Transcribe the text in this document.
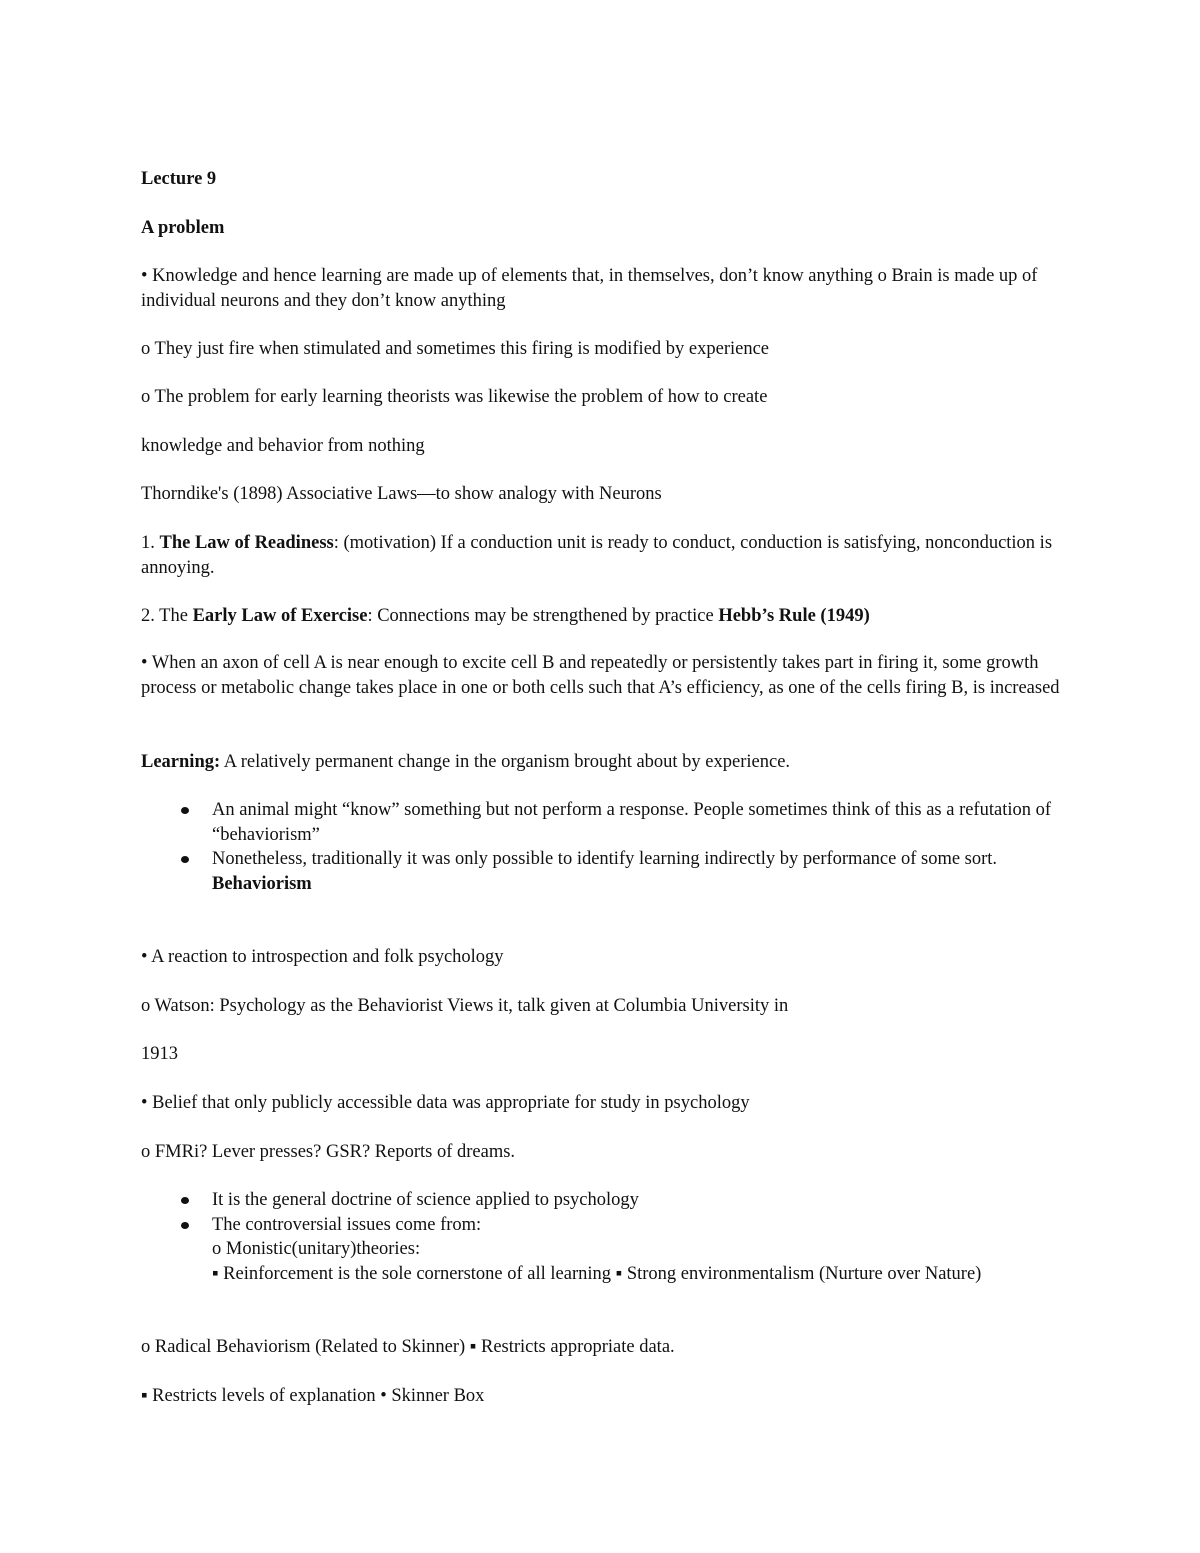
Lecture 9

A problem

• Knowledge and hence learning are made up of elements that, in themselves, don’t know anything o Brain is made up of individual neurons and they don’t know anything

o They just fire when stimulated and sometimes this firing is modified by experience

o The problem for early learning theorists was likewise the problem of how to create

knowledge and behavior from nothing

Thorndike's (1898) Associative Laws—to show analogy with Neurons

1. The Law of Readiness: (motivation) If a conduction unit is ready to conduct, conduction is satisfying, nonconduction is annoying.

2. The Early Law of Exercise: Connections may be strengthened by practice Hebb’s Rule (1949)

• When an axon of cell A is near enough to excite cell B and repeatedly or persistently takes part in firing it, some growth process or metabolic change takes place in one or both cells such that A’s efficiency, as one of the cells firing B, is increased

Learning: A relatively permanent change in the organism brought about by experience.

An animal might “know” something but not perform a response. People sometimes think of this as a refutation of “behaviorism”
Nonetheless, traditionally it was only possible to identify learning indirectly by performance of some sort.
Behaviorism

• A reaction to introspection and folk psychology

o Watson: Psychology as the Behaviorist Views it, talk given at Columbia University in

1913

• Belief that only publicly accessible data was appropriate for study in psychology

o FMRi? Lever presses? GSR? Reports of dreams.

It is the general doctrine of science applied to psychology
The controversial issues come from:
o Monistic(unitary)theories:
▪ Reinforcement is the sole cornerstone of all learning ▪ Strong environmentalism (Nurture over Nature)

o Radical Behaviorism (Related to Skinner) ▪ Restricts appropriate data.

▪ Restricts levels of explanation • Skinner Box
